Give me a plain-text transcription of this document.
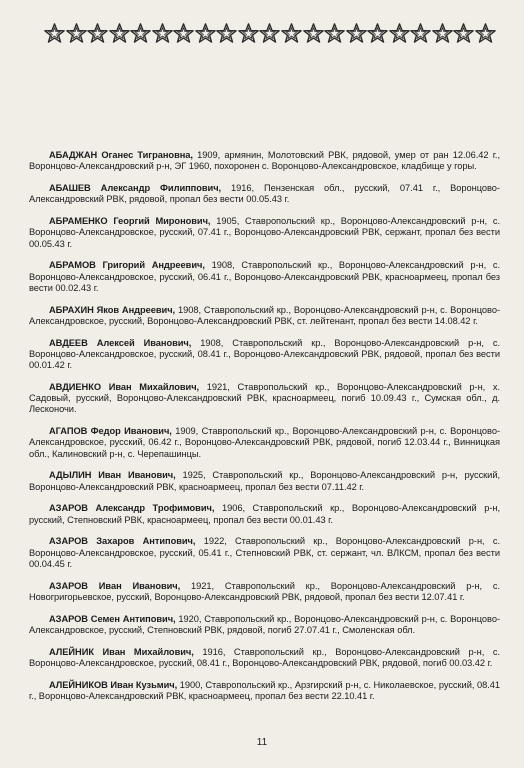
АБАДЖАН Оганес Тиграновна, 1909, армянин, Молотовский РВК, рядовой, умер от ран 12.06.42 г., Воронцово-Александровский р-н, ЭГ 1960, похоронен с. Воронцово-Александровское, кладбище у горы.

АБАШЕВ Александр Филиппович, 1916, Пензенская обл., русский, 07.41 г., Воронцово-Александровский РВК, рядовой, пропал без вести 00.05.43 г.

АБРАМЕНКО Георгий Миронович, 1905, Ставропольский кр., Воронцово-Александровский р-н, с. Воронцово-Александровское, русский, 07.41 г., Воронцово-Александровский РВК, сержант, пропал без вести 00.05.43 г.

АБРАМОВ Григорий Андреевич, 1908, Ставропольский кр., Воронцово-Александровский р-н, с. Воронцово-Александровское, русский, 06.41 г., Воронцово-Александровский РВК, красноармеец, пропал без вести 00.02.43 г.

АБРАХИН Яков Андреевич, 1908, Ставропольский кр., Воронцово-Александровский р-н, с. Воронцово-Александровское, русский, Воронцово-Александровский РВК, ст. лейтенант, пропал без вести 14.08.42 г.

АВДЕЕВ Алексей Иванович, 1908, Ставропольский кр., Воронцово-Александровский р-н, с. Воронцово-Александровское, русский, 08.41 г., Воронцово-Александровский РВК, рядовой, пропал без вести 00.01.42 г.

АВДИЕНКО Иван Михайлович, 1921, Ставропольский кр., Воронцово-Александровский р-н, х. Садовый, русский, Воронцово-Александровский РВК, красноармеец, погиб 10.09.43 г., Сумская обл., д. Лесконочи.

АГАПОВ Федор Иванович, 1909, Ставропольский кр., Воронцово-Александровский р-н, с. Воронцово-Александровское, русский, 06.42 г., Воронцово-Александровский РВК, рядовой, погиб 12.03.44 г., Винницкая обл., Калиновский р-н, с. Черепашинцы.

АДЫЛИН Иван Иванович, 1925, Ставропольский кр., Воронцово-Александровский р-н, русский, Воронцово-Александровский РВК, красноармеец, пропал без вести 07.11.42 г.

АЗАРОВ Александр Трофимович, 1906, Ставропольский кр., Воронцово-Александровский р-н, русский, Степновский РВК, красноармеец, пропал без вести 00.01.43 г.

АЗАРОВ Захаров Антипович, 1922, Ставропольский кр., Воронцово-Александровский р-н, с. Воронцово-Александровское, русский, 05.41 г., Степновский РВК, ст. сержант, чл. ВЛКСМ, пропал без вести 00.04.45 г.

АЗАРОВ Иван Иванович, 1921, Ставропольский кр., Воронцово-Александровский р-н, с. Новогригорьевское, русский, Воронцово-Александровский РВК, рядовой, пропал без вести 12.07.41 г.

АЗАРОВ Семен Антипович, 1920, Ставропольский кр., Воронцово-Александровский р-н, с. Воронцово-Александровское, русский, Степновский РВК, рядовой, погиб 27.07.41 г., Смоленская обл.

АЛЕЙНИК Иван Михайлович, 1916, Ставропольский кр., Воронцово-Александровский р-н, с. Воронцово-Александровское, русский, 08.41 г., Воронцово-Александровский РВК, рядовой, погиб 00.03.42 г.

АЛЕЙНИКОВ Иван Кузьмич, 1900, Ставропольский кр., Арзгирский р-н, с. Николаевское, русский, 08.41 г., Воронцово-Александровский РВК, красноармеец, пропал без вести 22.10.41 г.

11
